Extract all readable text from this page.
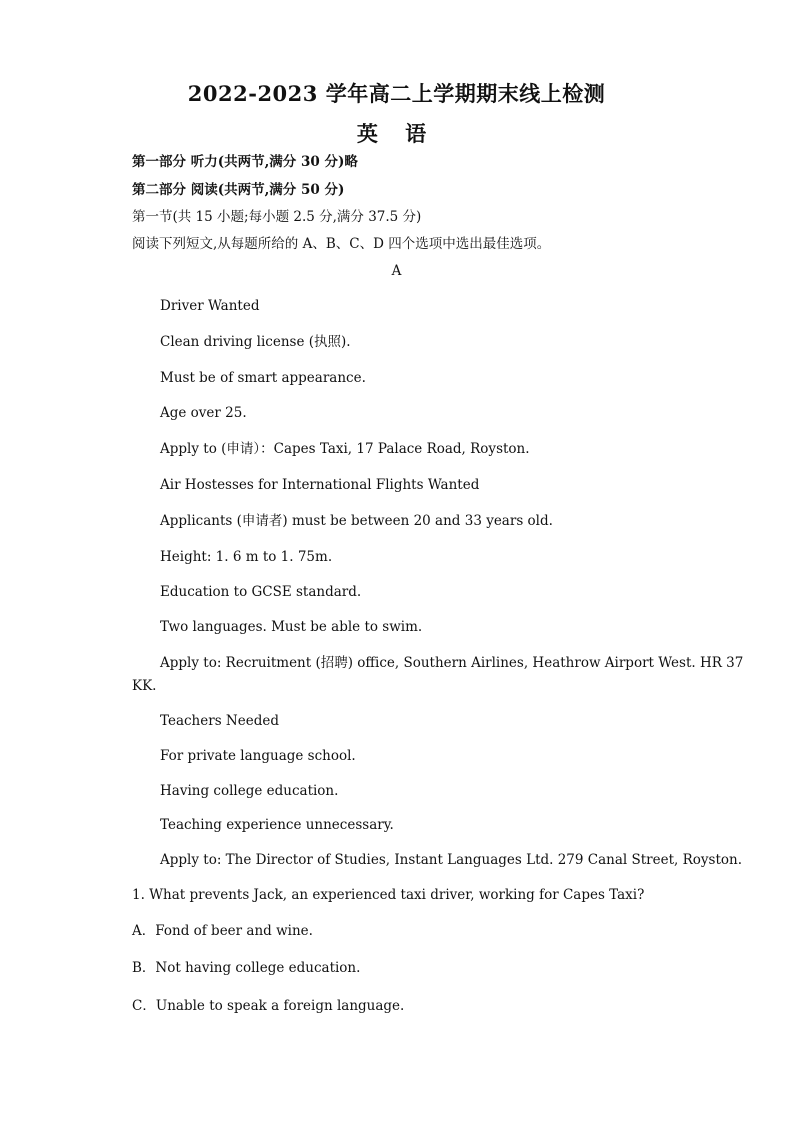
2022-2023 学年高二上学期期末线上检测
英 语
第一部分 听力(共两节,满分 30 分)略
第二部分 阅读(共两节,满分 50 分)
第一节(共 15 小题;每小题 2.5 分,满分 37.5 分)
阅读下列短文,从每题所给的 A、B、C、D 四个选项中选出最佳选项。
A
Driver Wanted
Clean driving license (执照).
Must be of smart appearance.
Age over 25.
Apply to (申请）：Capes Taxi, 17 Palace Road, Royston.
Air Hostesses for International Flights Wanted
Applicants (申请者) must be between 20 and 33 years old.
Height: 1. 6 m to 1. 75m.
Education to GCSE standard.
Two languages. Must be able to swim.
Apply to: Recruitment (招聘) office, Southern Airlines, Heathrow Airport West. HR 37
KK.
Teachers Needed
For private language school.
Having college education.
Teaching experience unnecessary.
Apply to: The Director of Studies, Instant Languages Ltd. 279 Canal Street, Royston.
1. What prevents Jack, an experienced taxi driver, working for Capes Taxi?
A．Fond of beer and wine.
B．Not having college education.
C．Unable to speak a foreign language.
